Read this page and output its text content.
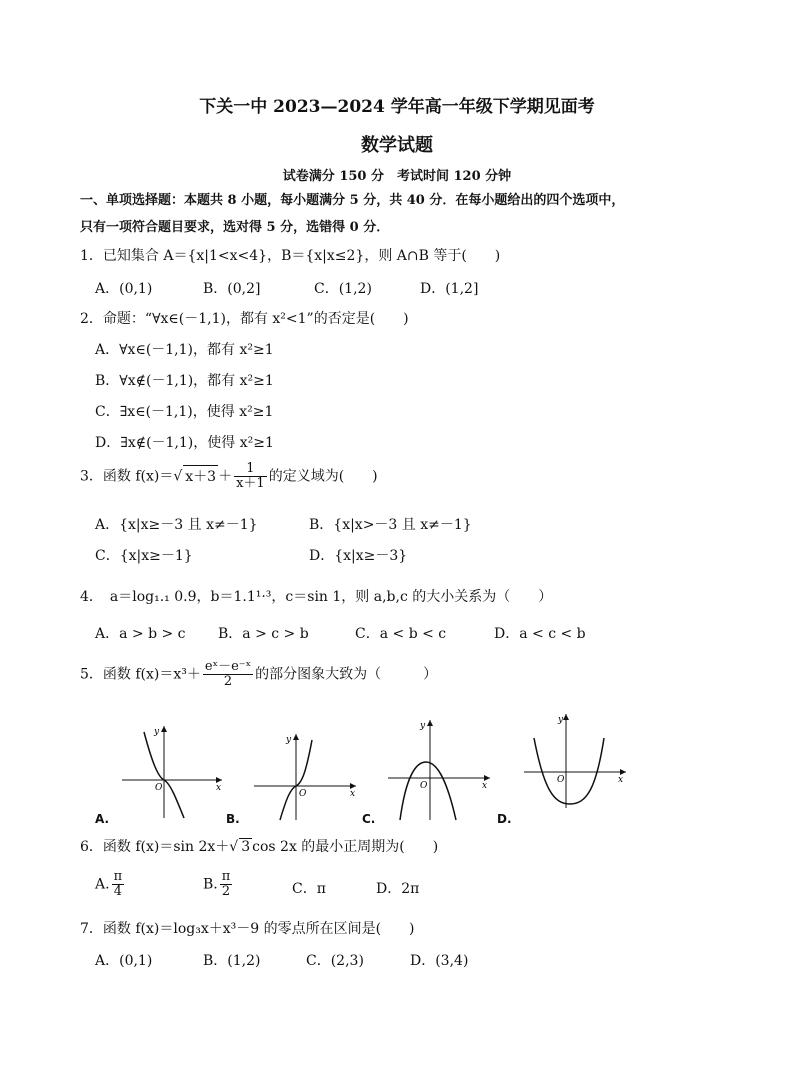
下关一中 2023—2024 学年高一年级下学期见面考
数学试题
试卷满分 150 分　考试时间 120 分钟
一、单项选择题：本题共 8 小题，每小题满分 5 分，共 40 分．在每小题给出的四个选项中，
只有一项符合题目要求，选对得 5 分，选错得 0 分．
1．已知集合 A＝{x|1<x<4}，B＝{x|x≤2}，则 A∩B 等于(　　)
A．(0,1)	B．(0,2]	C．(1,2)	D．(1,2]
2．命题：“∀x∈(－1,1)，都有 x²<1”的否定是(　　)
A．∀x∈(－1,1)，都有 x²≥1
B．∀x∉(－1,1)，都有 x²≥1
C．∃x∈(－1,1)，使得 x²≥1
D．∃x∉(－1,1)，使得 x²≥1
3．函数 f(x)＝√ $x+3 + \frac{1}{x+1}$ 的定义域为(　　)
A．{x|x≥－3 且 x≠－1}	B．{x|x>－3 且 x≠－1}
C．{x|x≥－1}	D．{x|x≥－3}
4．　a＝log₁.₁ 0.9，b＝1.1¹·³，c＝sin 1，则 a,b,c 的大小关系为（　　）
A．a > b > c B．a > c > b	C．a < b < c	D．a < c < b
5．函数 $f(x)=x^3+ \frac{\text{eˣ－e⁻ˣ}}{2}$ 的部分图象大致为（　　　）
y
x
O
A.
y
x
O
B.
y
x
O
C.
y
x
O
D.
6．函数 f(x)＝sin 2x＋√ 3 cos 2x 的最小正周期为(　　)
A. $\frac{\pi}{4}$	B. $\frac{\pi}{2}$	C．π	D．2π
7．函数 f(x)＝log₃x＋x³－9 的零点所在区间是(　　)
A．(0,1)	B．(1,2)	C．(2,3)	D．(3,4)
